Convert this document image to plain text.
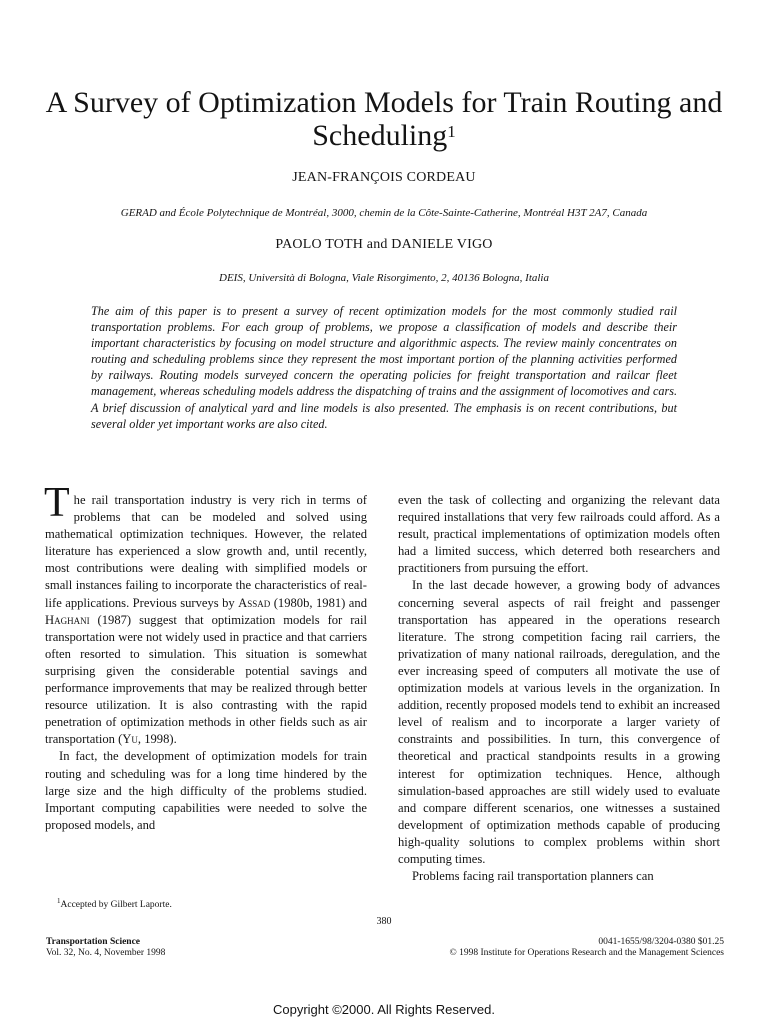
A Survey of Optimization Models for Train Routing and Scheduling$^1$
JEAN-FRANÇOIS CORDEAU
GERAD and École Polytechnique de Montréal, 3000, chemin de la Côte-Sainte-Catherine, Montréal H3T 2A7, Canada
PAOLO TOTH and DANIELE VIGO
DEIS, Università di Bologna, Viale Risorgimento, 2, 40136 Bologna, Italia

The aim of this paper is to present a survey of recent optimization models for the most commonly studied rail transportation problems. For each group of problems, we propose a classification of models and describe their important characteristics by focusing on model structure and algorithmic aspects. The review mainly concentrates on routing and scheduling problems since they represent the most important portion of the planning activities performed by railways. Routing models surveyed concern the operating policies for freight transportation and railcar fleet management, whereas scheduling models address the dispatching of trains and the assignment of locomotives and cars. A brief discussion of analytical yard and line models is also presented. The emphasis is on recent contributions, but several older yet important works are also cited.

The rail transportation industry is very rich in terms of problems that can be modeled and solved using mathematical optimization techniques. However, the related literature has experienced a slow growth and, until recently, most contributions were dealing with simplified models or small instances failing to incorporate the characteristics of real-life applications. Previous surveys by Assad (1980b, 1981) and Haghani (1987) suggest that optimization models for rail transportation were not widely used in practice and that carriers often resorted to simulation. This situation is somewhat surprising given the considerable potential savings and performance improvements that may be realized through better resource utilization. It is also contrasting with the rapid penetration of optimization methods in other fields such as air transportation (Yu, 1998).

In fact, the development of optimization models for train routing and scheduling was for a long time hindered by the large size and the high difficulty of the problems studied. Important computing capabilities were needed to solve the proposed models, and

even the task of collecting and organizing the relevant data required installations that very few railroads could afford. As a result, practical implementations of optimization models often had a limited success, which deterred both researchers and practitioners from pursuing the effort.

In the last decade however, a growing body of advances concerning several aspects of rail freight and passenger transportation has appeared in the operations research literature. The strong competition facing rail carriers, the privatization of many national railroads, deregulation, and the ever increasing speed of computers all motivate the use of optimization models at various levels in the organization. In addition, recently proposed models tend to exhibit an increased level of realism and to incorporate a larger variety of constraints and possibilities. In turn, this convergence of theoretical and practical standpoints results in a growing interest for optimization techniques. Hence, although simulation-based approaches are still widely used to evaluate and compare different scenarios, one witnesses a sustained development of optimization methods capable of producing high-quality solutions to complex problems within short computing times.

Problems facing rail transportation planners can

$^1$Accepted by Gilbert Laporte.
380
Transportation Science
Vol. 32, No. 4, November 1998
0041-1655/98/3204-0380 $01.25
© 1998 Institute for Operations Research and the Management Sciences
Copyright ©2000. All Rights Reserved.
